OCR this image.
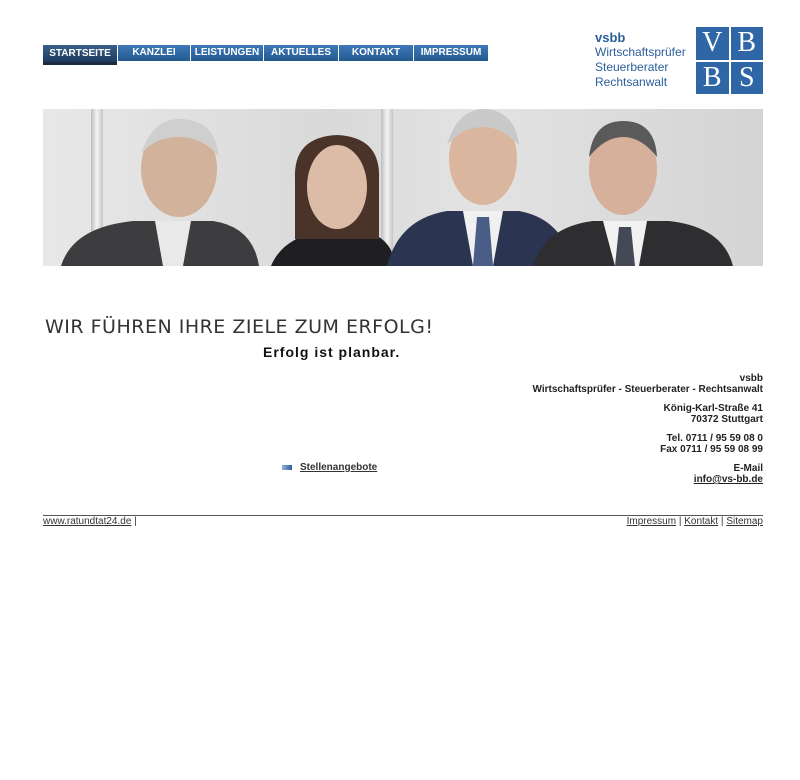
STARTSEITE	KANZLEI	LEISTUNGEN	AKTUELLES	KONTAKT	IMPRESSUM
vsbb
Wirtschaftsprüfer
Steuerberater
Rechtsanwalt
V B
B S
WIR FÜHREN IHRE ZIELE ZUM ERFOLG!
Erfolg ist planbar.

vsbb
Wirtschaftsprüfer - Steuerberater - Rechtsanwalt

König-Karl-Straße 41
70372 Stuttgart

Tel. 0711 / 95 59 08 0
Fax 0711 / 95 59 08 99

E-Mail
info@vs-bb.de

Stellenangebote
www.ratundtat24.de |	Impressum | Kontakt | Sitemap
